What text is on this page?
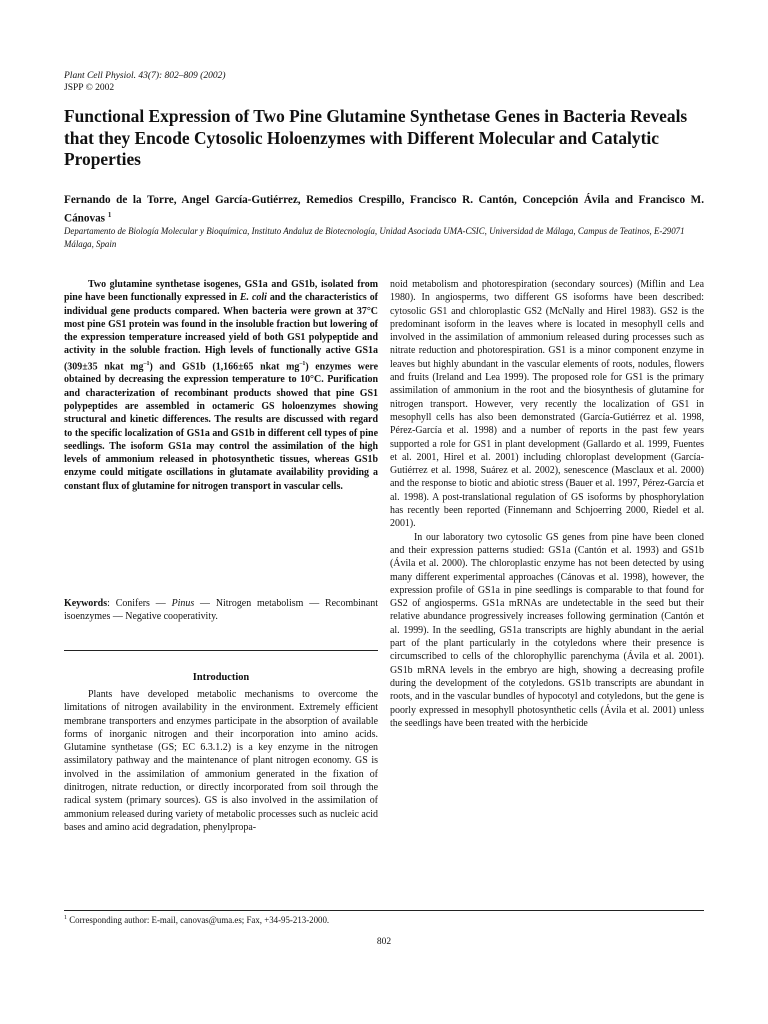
Plant Cell Physiol. 43(7): 802–809 (2002)
JSPP © 2002
Functional Expression of Two Pine Glutamine Synthetase Genes in Bacteria Reveals that they Encode Cytosolic Holoenzymes with Different Molecular and Catalytic Properties
Fernando de la Torre, Angel García-Gutiérrez, Remedios Crespillo, Francisco R. Cantón, Concepción Ávila and Francisco M. Cánovas $^1$
Departamento de Biología Molecular y Bioquímica, Instituto Andaluz de Biotecnología, Unidad Asociada UMA-CSIC, Universidad de Málaga, Campus de Teatinos, E-29071 Málaga, Spain

Two glutamine synthetase isogenes, GS1a and GS1b, isolated from pine have been functionally expressed in E. coli and the characteristics of individual gene products compared. When bacteria were grown at 37°C most pine GS1 protein was found in the insoluble fraction but lowering of the expression temperature increased yield of both GS1 polypeptide and activity in the soluble fraction. High levels of functionally active GS1a (309±35 nkat $mg^{-1}$) and GS1b (1,166±65 nkat $mg^{-1}$) enzymes were obtained by decreasing the expression temperature to 10°C. Purification and characterization of recombinant products showed that pine GS1 polypeptides are assembled in octameric GS holoenzymes showing structural and kinetic differences. The results are discussed with regard to the specific localization of GS1a and GS1b in different cell types of pine seedlings. The isoform GS1a may control the assimilation of the high levels of ammonium released in photosynthetic tissues, whereas GS1b enzyme could mitigate oscillations in glutamate availability providing a constant flux of glutamine for nitrogen transport in vascular cells.

Keywords: Conifers — Pinus — Nitrogen metabolism — Recombinant isoenzymes — Negative cooperativity.

Introduction

Plants have developed metabolic mechanisms to overcome the limitations of nitrogen availability in the environment. Extremely efficient membrane transporters and enzymes participate in the absorption of available forms of inorganic nitrogen and their incorporation into amino acids. Glutamine synthetase (GS; EC 6.3.1.2) is a key enzyme in the nitrogen assimilatory pathway and the maintenance of plant nitrogen economy. GS is involved in the assimilation of ammonium generated in the fixation of dinitrogen, nitrate reduction, or directly incorporated from soil through the radical system (primary sources). GS is also involved in the assimilation of ammonium released during variety of metabolic processes such as nucleic acid bases and amino acid degradation, phenylpropa-

noid metabolism and photorespiration (secondary sources) (Miflin and Lea 1980). In angiosperms, two different GS isoforms have been described: cytosolic GS1 and chloroplastic GS2 (McNally and Hirel 1983). GS2 is the predominant isoform in the leaves where is located in mesophyll cells and involved in the assimilation of ammonium released during processes such as nitrate reduction and photorespiration. GS1 is a minor component enzyme in leaves but highly abundant in the vascular elements of roots, nodules, flowers and fruits (Ireland and Lea 1999). The proposed role for GS1 is the primary assimilation of ammonium in the root and the biosynthesis of glutamine for nitrogen transport. However, very recently the localization of GS1 in mesophyll cells has also been demonstrated (García-Gutiérrez et al. 1998, Pérez-García et al. 1998) and a number of reports in the past few years supported a role for GS1 in plant development (Gallardo et al. 1999, Fuentes et al. 2001, Hirel et al. 2001) including chloroplast development (García-Gutiérrez et al. 1998, Suárez et al. 2002), senescence (Masclaux et al. 2000) and the response to biotic and abiotic stress (Bauer et al. 1997, Pérez-García et al. 1998). A post-translational regulation of GS isoforms by phosphorylation has recently been reported (Finnemann and Schjoerring 2000, Riedel et al. 2001).

In our laboratory two cytosolic GS genes from pine have been cloned and their expression patterns studied: GS1a (Cantón et al. 1993) and GS1b (Ávila et al. 2000). The chloroplastic enzyme has not been detected by using many different experimental approaches (Cánovas et al. 1998), however, the expression profile of GS1a in pine seedlings is comparable to that found for GS2 of angiosperms. GS1a mRNAs are undetectable in the seed but their relative abundance progressively increases following germination (Cantón et al. 1999). In the seedling, GS1a transcripts are highly abundant in the aerial part of the plant particularly in the cotyledons where their presence is circumscribed to cells of the chlorophyllic parenchyma (Ávila et al. 2001). GS1b mRNA levels in the embryo are high, showing a decreasing profile during the development of the cotyledons. GS1b transcripts are abundant in roots, and in the vascular bundles of hypocotyl and cotyledons, but the gene is poorly expressed in mesophyll photosynthetic cells (Ávila et al. 2001) unless the seedlings have been treated with the herbicide

$^1$ Corresponding author: E-mail, canovas@uma.es; Fax, +34-95-213-2000.
802
